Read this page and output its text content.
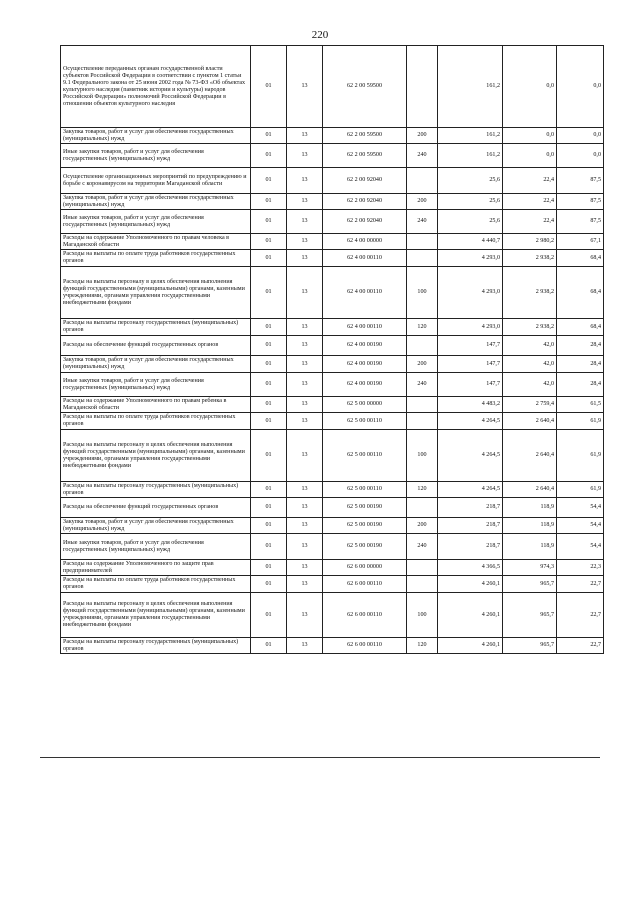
220
Осуществление переданных органам государственной власти субъектов Российской Федерации в соответствии с пунктом 1 статьи 9.1 Федерального закона от 25 июня 2002 года № 73-ФЗ «Об объектах культурного наследия (памятник истории и культуры) народов Российской Федерации» полномочий Российской Федерации в отношении объектов культурного наследия	01	13	62 2 00 59500		161,2	0,0	0,0
Закупка товаров, работ и услуг для обеспечения государственных (муниципальных) нужд	01	13	62 2 00 59500	200	161,2	0,0	0,0
Иные закупки товаров, работ и услуг для обеспечения государственных (муниципальных) нужд	01	13	62 2 00 59500	240	161,2	0,0	0,0
Осуществление организационных мероприятий по предупреждению и борьбе с коронавирусом на территории Магаданской области	01	13	62 2 00 92040		25,6	22,4	87,5
Закупка товаров, работ и услуг для обеспечения государственных (муниципальных) нужд	01	13	62 2 00 92040	200	25,6	22,4	87,5
Иные закупки товаров, работ и услуг для обеспечения государственных (муниципальных) нужд	01	13	62 2 00 92040	240	25,6	22,4	87,5
Расходы на содержание Уполномоченного по правам человека в Магаданской области	01	13	62 4 00 00000		4 440,7	2 980,2	67,1
Расходы на выплаты по оплате труда работников государственных органов	01	13	62 4 00 00110		4 293,0	2 938,2	68,4
Расходы на выплаты персоналу в целях обеспечения выполнения функций государственными (муниципальными) органами, казенными учреждениями, органами управления государственными внебюджетными фондами	01	13	62 4 00 00110	100	4 293,0	2 938,2	68,4
Расходы на выплаты персоналу государственных (муниципальных) органов	01	13	62 4 00 00110	120	4 293,0	2 938,2	68,4
Расходы на обеспечение функций государственных органов	01	13	62 4 00 00190		147,7	42,0	28,4
Закупка товаров, работ и услуг для обеспечения государственных (муниципальных) нужд	01	13	62 4 00 00190	200	147,7	42,0	28,4
Иные закупки товаров, работ и услуг для обеспечения государственных (муниципальных) нужд	01	13	62 4 00 00190	240	147,7	42,0	28,4
Расходы на содержание Уполномоченного по правам ребенка в Магаданской области	01	13	62 5 00 00000		4 483,2	2 759,4	61,5
Расходы на выплаты по оплате труда работников государственных органов	01	13	62 5 00 00110		4 264,5	2 640,4	61,9
Расходы на выплаты персоналу в целях обеспечения выполнения функций государственными (муниципальными) органами, казенными учреждениями, органами управления государственными внебюджетными фондами	01	13	62 5 00 00110	100	4 264,5	2 640,4	61,9
Расходы на выплаты персоналу государственных (муниципальных) органов	01	13	62 5 00 00110	120	4 264,5	2 640,4	61,9
Расходы на обеспечение функций государственных органов	01	13	62 5 00 00190		218,7	118,9	54,4
Закупка товаров, работ и услуг для обеспечения государственных (муниципальных) нужд	01	13	62 5 00 00190	200	218,7	118,9	54,4
Иные закупки товаров, работ и услуг для обеспечения государственных (муниципальных) нужд	01	13	62 5 00 00190	240	218,7	118,9	54,4
Расходы на содержание Уполномоченного по защите прав предпринимателей	01	13	62 6 00 00000		4 366,5	974,3	22,3
Расходы на выплаты по оплате труда работников государственных органов	01	13	62 6 00 00110		4 260,1	965,7	22,7
Расходы на выплаты персоналу в целях обеспечения выполнения функций государственными (муниципальными) органами, казенными учреждениями, органами управления государственными внебюджетными фондами	01	13	62 6 00 00110	100	4 260,1	965,7	22,7
Расходы на выплаты персоналу государственных (муниципальных) органов	01	13	62 6 00 00110	120	4 260,1	965,7	22,7
